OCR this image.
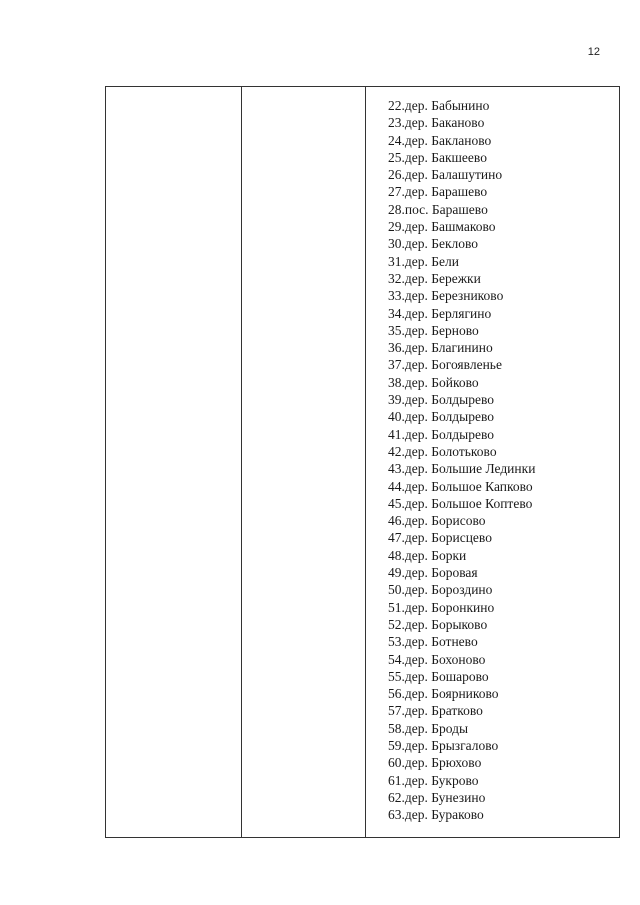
12
22.дер. Бабынино
23.дер. Баканово
24.дер. Бакланово
25.дер. Бакшеево
26.дер. Балашутино
27.дер. Барашево
28.пос. Барашево
29.дер. Башмаково
30.дер. Беклово
31.дер. Бели
32.дер. Бережки
33.дер. Березниково
34.дер. Берлягино
35.дер. Берново
36.дер. Благинино
37.дер. Богоявленье
38.дер. Бойково
39.дер. Болдырево
40.дер. Болдырево
41.дер. Болдырево
42.дер. Болотьково
43.дер. Большие Лединки
44.дер. Большое Капково
45.дер. Большое Коптево
46.дер. Борисово
47.дер. Борисцево
48.дер. Борки
49.дер. Боровая
50.дер. Бороздино
51.дер. Боронкино
52.дер. Борыково
53.дер. Ботнево
54.дер. Бохоново
55.дер. Бошарово
56.дер. Боярниково
57.дер. Братково
58.дер. Броды
59.дер. Брызгалово
60.дер. Брюхово
61.дер. Букрово
62.дер. Бунезино
63.дер. Бураково
